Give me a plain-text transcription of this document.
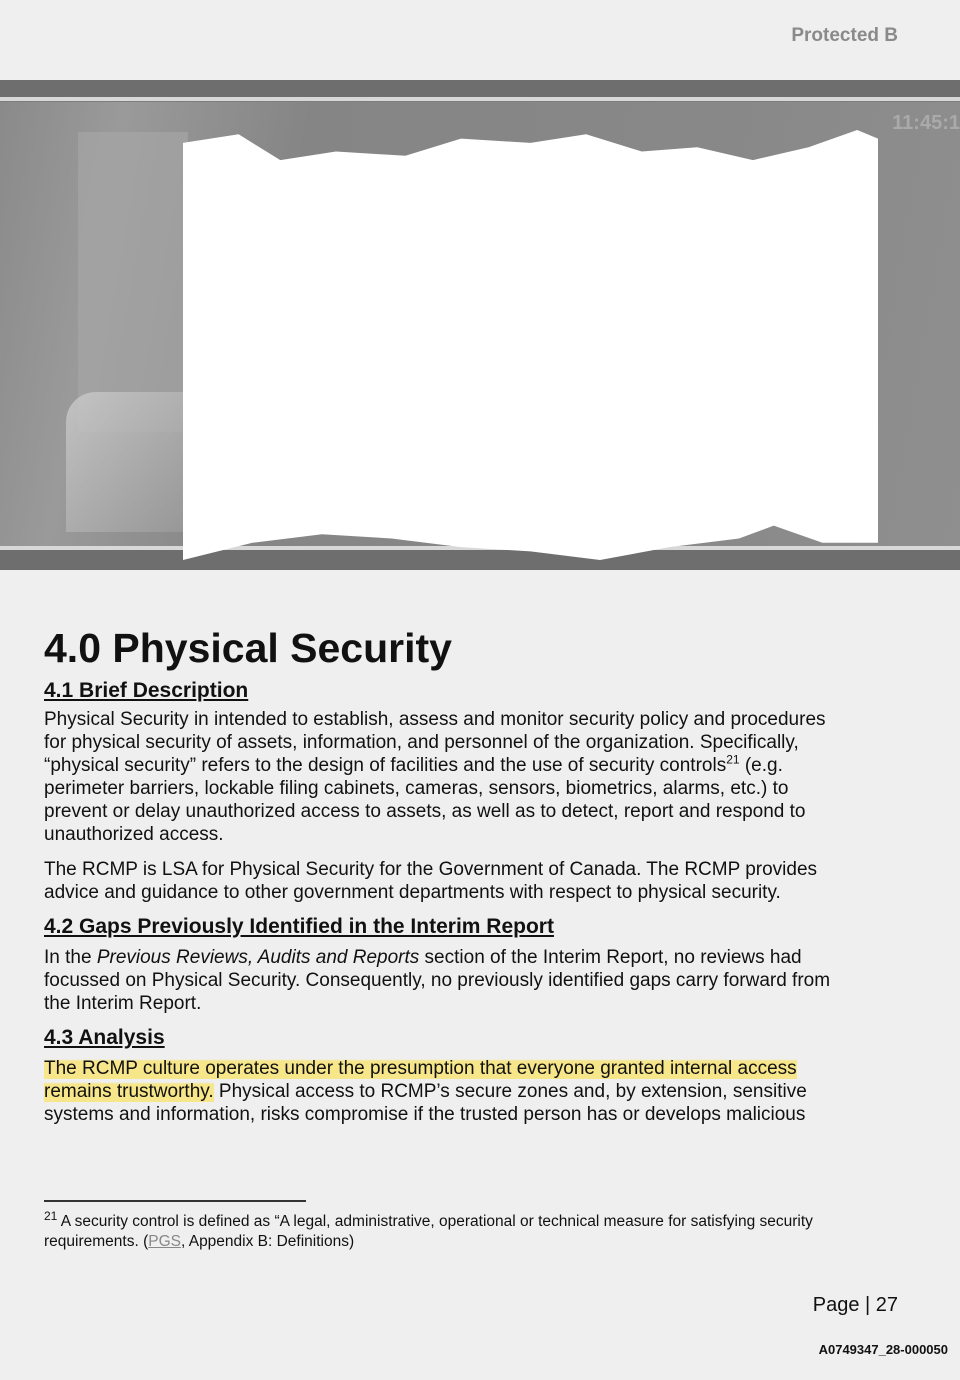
Protected B
11:45:1
4.0 Physical Security
4.1 Brief Description
Physical Security in intended to establish, assess and monitor security policy and procedures
for physical security of assets, information, and personnel of the organization. Specifically,
“physical security” refers to the design of facilities and the use of security controls$^{21}$ (e.g.
perimeter barriers, lockable filing cabinets, cameras, sensors, biometrics, alarms, etc.) to
prevent or delay unauthorized access to assets, as well as to detect, report and respond to
unauthorized access.
The RCMP is LSA for Physical Security for the Government of Canada. The RCMP provides
advice and guidance to other government departments with respect to physical security.
4.2 Gaps Previously Identified in the Interim Report
In the Previous Reviews, Audits and Reports section of the Interim Report, no reviews had
focussed on Physical Security. Consequently, no previously identified gaps carry forward from
the Interim Report.
4.3 Analysis
The RCMP culture operates under the presumption that everyone granted internal access
remains trustworthy. Physical access to RCMP’s secure zones and, by extension, sensitive
systems and information, risks compromise if the trusted person has or develops malicious
$^{21}$ A security control is defined as “A legal, administrative, operational or technical measure for satisfying security
requirements. (PGS, Appendix B: Definitions)
Page | 27
A0749347_28-000050
